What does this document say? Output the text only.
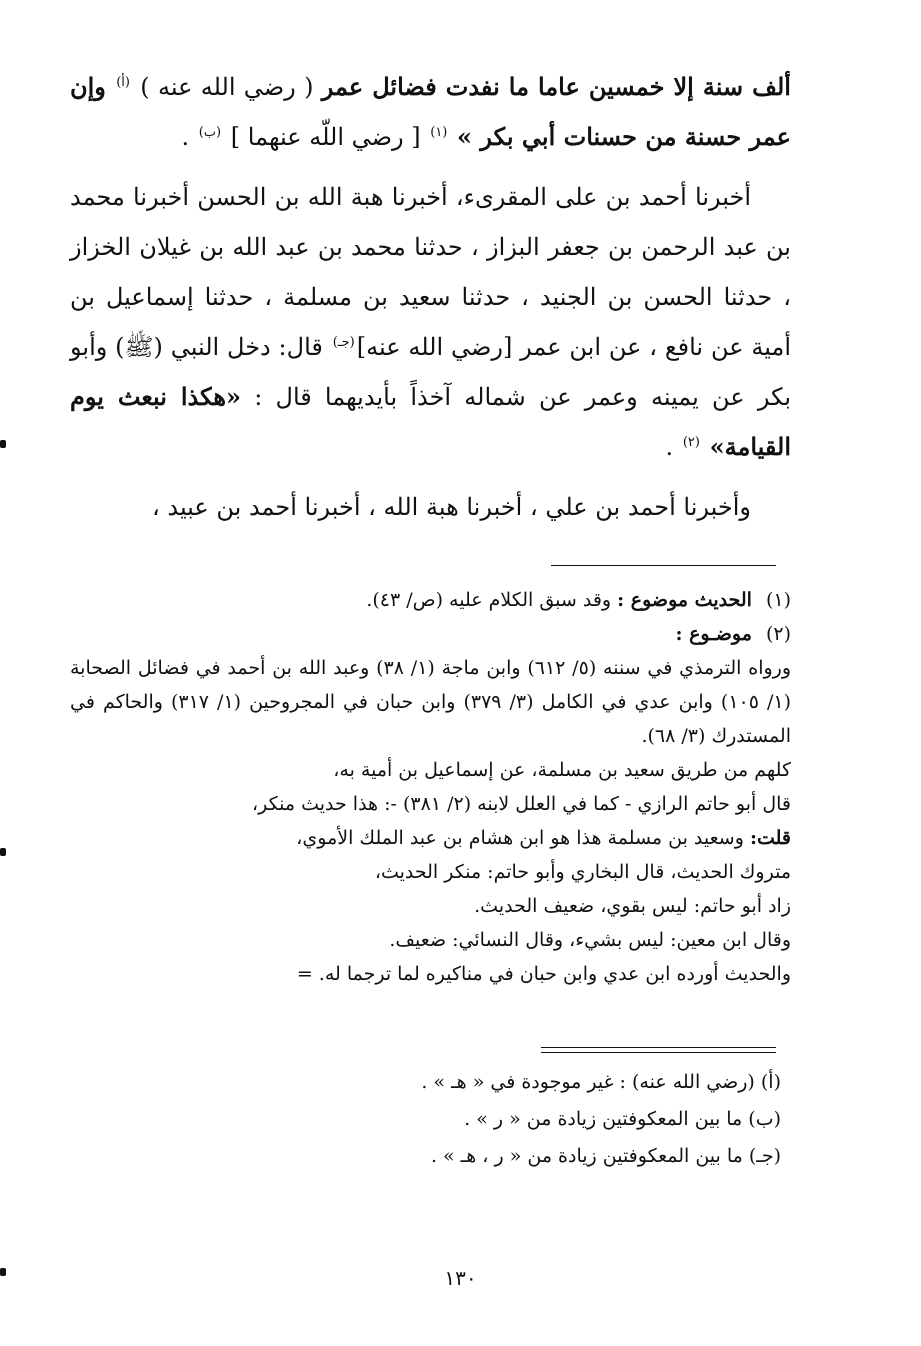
ألف سنة إلا خمسين عاما ما نفدت فضائل عمر ( رضي الله عنه ) $^{(أ)}$ وإن عمر حسنة من حسنات أبي بكر » $^{(١)}$ [ رضي اللّه عنهما ] $^{(ب)}$ .

أخبرنا أحمد بن على المقرىء، أخبرنا هبة الله بن الحسن أخبرنا محمد بن عبد الرحمن بن جعفر البزاز ، حدثنا محمد بن عبد الله بن غيلان الخزاز ، حدثنا الحسن بن الجنيد ، حدثنا سعيد بن مسلمة ، حدثنا إسماعيل بن أمية عن نافع ، عن ابن عمر [رضي الله عنه]$^{(جـ)}$ قال: دخل النبي (ﷺ) وأبو بكر عن يمينه وعمر عن شماله آخذاً بأيديهما قال : «هكذا نبعث يوم القيامة» $^{(٢)}$ .

وأخبرنا أحمد بن علي ، أخبرنا هبة الله ، أخبرنا أحمد بن عبيد ،

(١)الحديث موضوع : وقد سبق الكلام عليه (ص/ ٤٣).

(٢)موضـوع :

ورواه الترمذي في سننه (٥/ ٦١٢) وابن ماجة (١/ ٣٨) وعبد الله بن أحمد في فضائل الصحابة (١/ ١٠٥) وابن عدي في الكامل (٣/ ٣٧٩) وابن حبان في المجروحين (١/ ٣١٧) والحاكم في المستدرك (٣/ ٦٨).

كلهم من طريق سعيد بن مسلمة، عن إسماعيل بن أمية به،

قال أبو حاتم الرازي - كما في العلل لابنه (٢/ ٣٨١) -: هذا حديث منكر،

قلت: وسعيد بن مسلمة هذا هو ابن هشام بن عبد الملك الأموي،

متروك الحديث، قال البخاري وأبو حاتم: منكر الحديث،

زاد أبو حاتم: ليس بقوي، ضعيف الحديث.

وقال ابن معين: ليس بشيء، وقال النسائي: ضعيف.

والحديث أورده ابن عدي وابن حبان في مناكيره لما ترجما له. =

(أ) (رضي الله عنه) : غير موجودة في « هـ » .

(ب) ما بين المعكوفتين زيادة من « ر » .

(جـ) ما بين المعكوفتين زيادة من « ر ، هـ » .

١٣٠
